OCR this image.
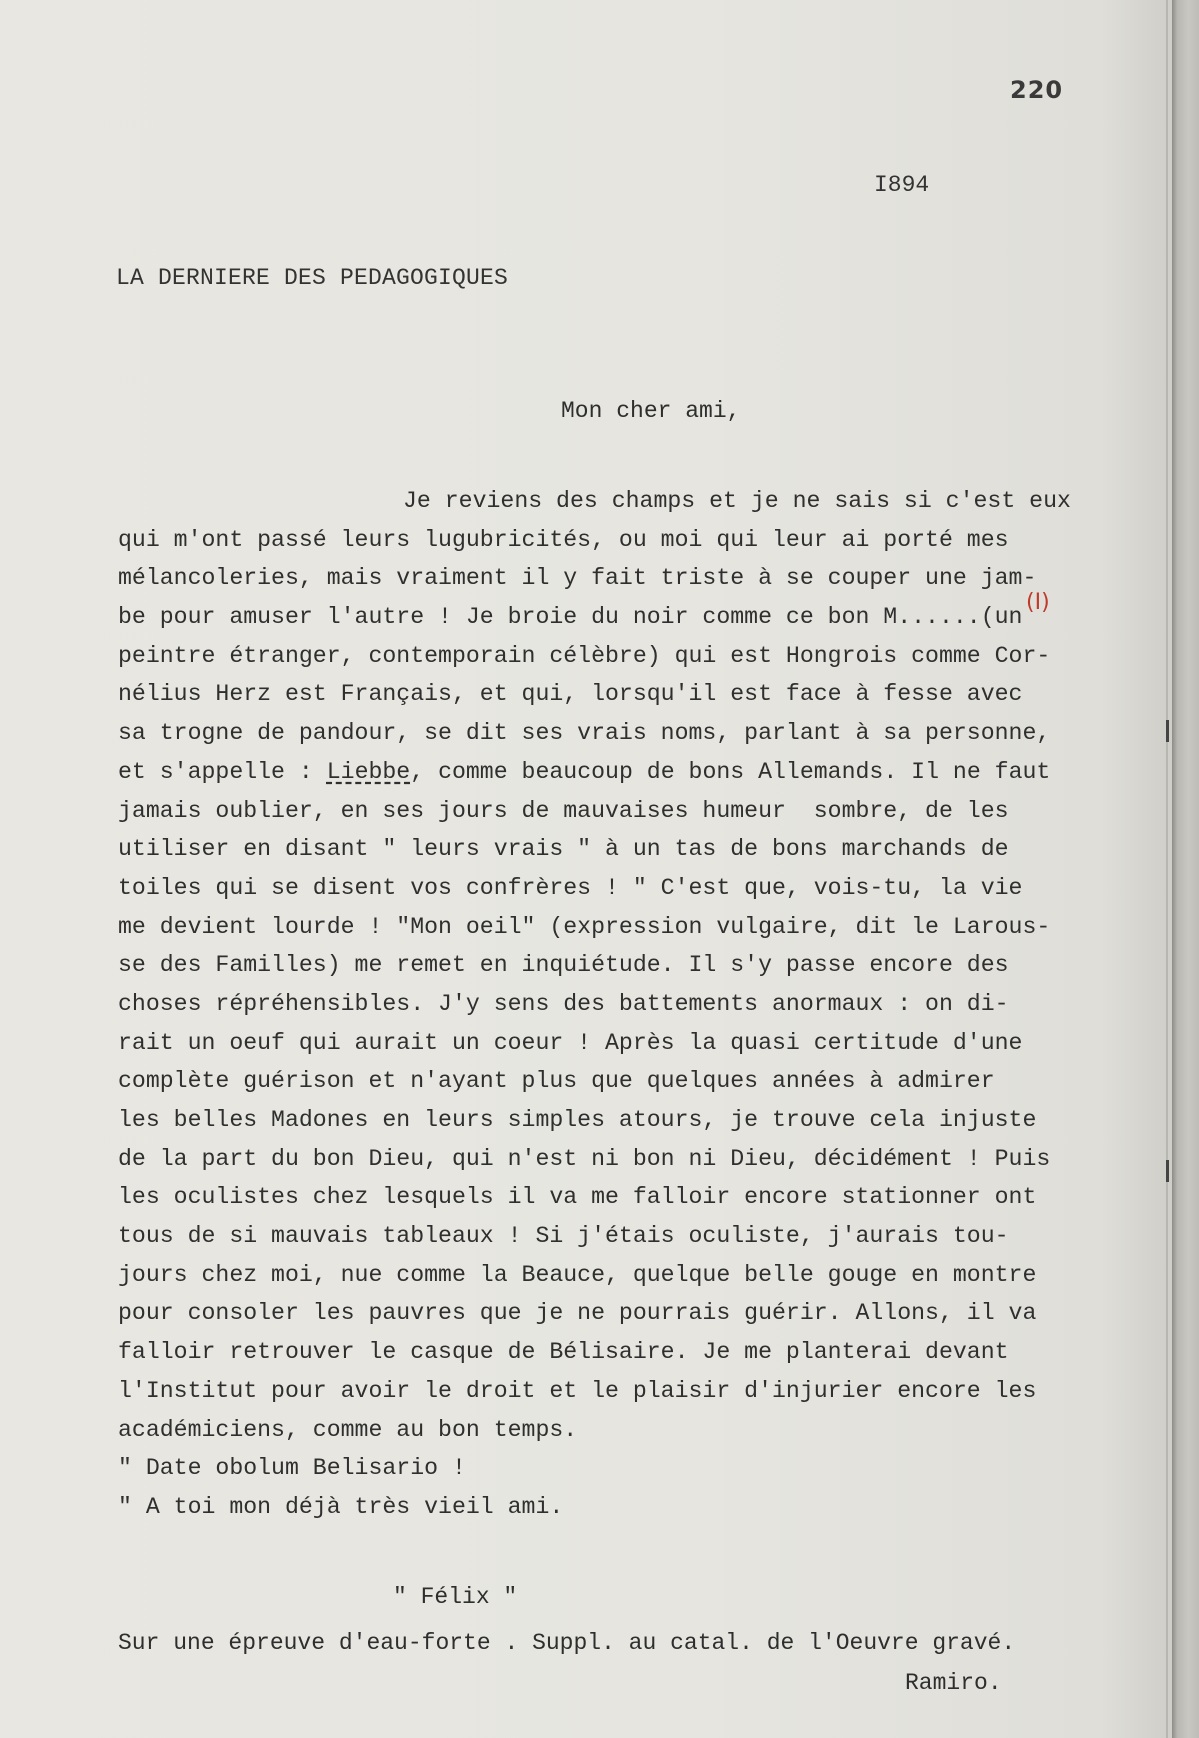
220
I894
LA DERNIERE DES PEDAGOGIQUES
Mon cher ami,
(I)
Je reviens des champs et je ne sais si c'est eux
qui m'ont passé leurs lugubricités, ou moi qui leur ai porté mes
mélancoleries, mais vraiment il y fait triste à se couper une jam-
be pour amuser l'autre ! Je broie du noir comme ce bon M......(un
peintre étranger, contemporain célèbre) qui est Hongrois comme Cor-
nélius Herz est Français, et qui, lorsqu'il est face à fesse avec
sa trogne de pandour, se dit ses vrais noms, parlant à sa personne,
et s'appelle : Liebbe, comme beaucoup de bons Allemands. Il ne faut
jamais oublier, en ses jours de mauvaises humeur  sombre, de les
utiliser en disant " leurs vrais " à un tas de bons marchands de
toiles qui se disent vos confrères ! " C'est que, vois-tu, la vie
me devient lourde ! "Mon oeil" (expression vulgaire, dit le Larous-
se des Familles) me remet en inquiétude. Il s'y passe encore des
choses répréhensibles. J'y sens des battements anormaux : on di-
rait un oeuf qui aurait un coeur ! Après la quasi certitude d'une
complète guérison et n'ayant plus que quelques années à admirer
les belles Madones en leurs simples atours, je trouve cela injuste
de la part du bon Dieu, qui n'est ni bon ni Dieu, décidément ! Puis
les oculistes chez lesquels il va me falloir encore stationner ont
tous de si mauvais tableaux ! Si j'étais oculiste, j'aurais tou-
jours chez moi, nue comme la Beauce, quelque belle gouge en montre
pour consoler les pauvres que je ne pourrais guérir. Allons, il va
falloir retrouver le casque de Bélisaire. Je me planterai devant
l'Institut pour avoir le droit et le plaisir d'injurier encore les
académiciens, comme au bon temps.
" Date obolum Belisario !
" A toi mon déjà très vieil ami.
" Félix "
Sur une épreuve d'eau-forte . Suppl. au catal. de l'Oeuvre gravé.
Ramiro.
